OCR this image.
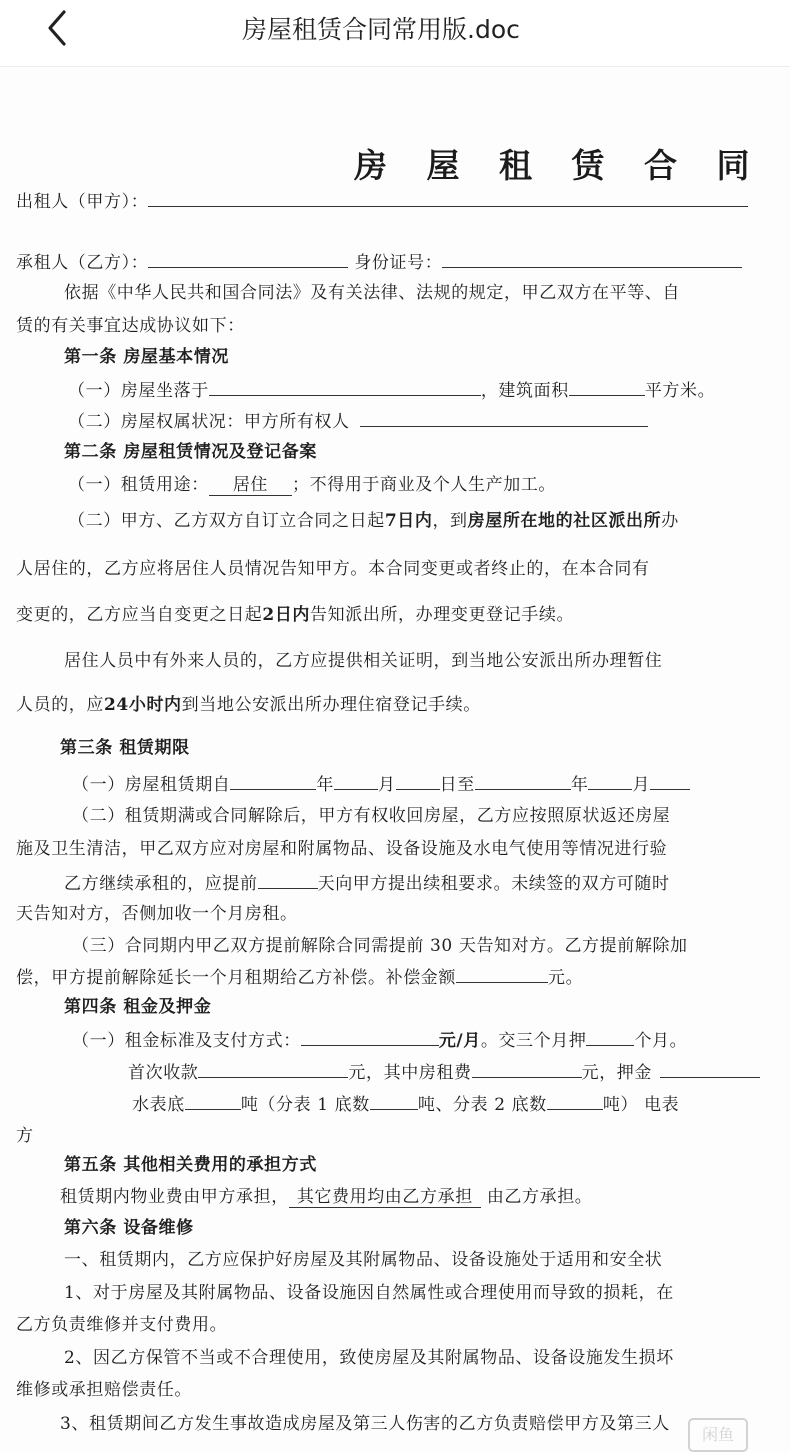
房屋租赁合同常用版.doc
房 屋 租 赁 合 同
出租人（甲方）：
承租人（乙方）：	身份证号：
依据《中华人民共和国合同法》及有关法律、法规的规定，甲乙双方在平等、自
赁的有关事宜达成协议如下：
第一条 房屋基本情况
（一）房屋坐落于	，建筑面积	平方米。
（二）房屋权属状况：甲方所有权人
第二条 房屋租赁情况及登记备案
（一）租赁用途： 居住 ；不得用于商业及个人生产加工。
（二）甲方、乙方双方自订立合同之日起7日内，到房屋所在地的社区派出所办
人居住的，乙方应将居住人员情况告知甲方。本合同变更或者终止的，在本合同有
变更的，乙方应当自变更之日起2日内告知派出所，办理变更登记手续。
居住人员中有外来人员的，乙方应提供相关证明，到当地公安派出所办理暂住
人员的，应24小时内到当地公安派出所办理住宿登记手续。
第三条 租赁期限
（一）房屋租赁期自	年	月	日至	年	月
（二）租赁期满或合同解除后，甲方有权收回房屋，乙方应按照原状返还房屋
施及卫生清洁，甲乙双方应对房屋和附属物品、设备设施及水电气使用等情况进行验
乙方继续承租的，应提前	天向甲方提出续租要求。未续签的双方可随时
天告知对方，否侧加收一个月房租。
（三）合同期内甲乙双方提前解除合同需提前 30 天告知对方。乙方提前解除加
偿，甲方提前解除延长一个月租期给乙方补偿。补偿金额	元。
第四条 租金及押金
（一）租金标准及支付方式：	元/月。交三个月押	个月。
首次收款	元，其中房租费	元，押金
水表底	吨（分表 1 底数	吨、分表 2 底数	吨） 电表
方
第五条 其他相关费用的承担方式
租赁期内物业费由甲方承担， 其它费用均由乙方承担 由乙方承担。
第六条 设备维修
一、租赁期内，乙方应保护好房屋及其附属物品、设备设施处于适用和安全状
1、对于房屋及其附属物品、设备设施因自然属性或合理使用而导致的损耗，在
乙方负责维修并支付费用。
2、因乙方保管不当或不合理使用，致使房屋及其附属物品、设备设施发生损坏
维修或承担赔偿责任。
3、租赁期间乙方发生事故造成房屋及第三人伤害的乙方负责赔偿甲方及第三人
闲鱼
